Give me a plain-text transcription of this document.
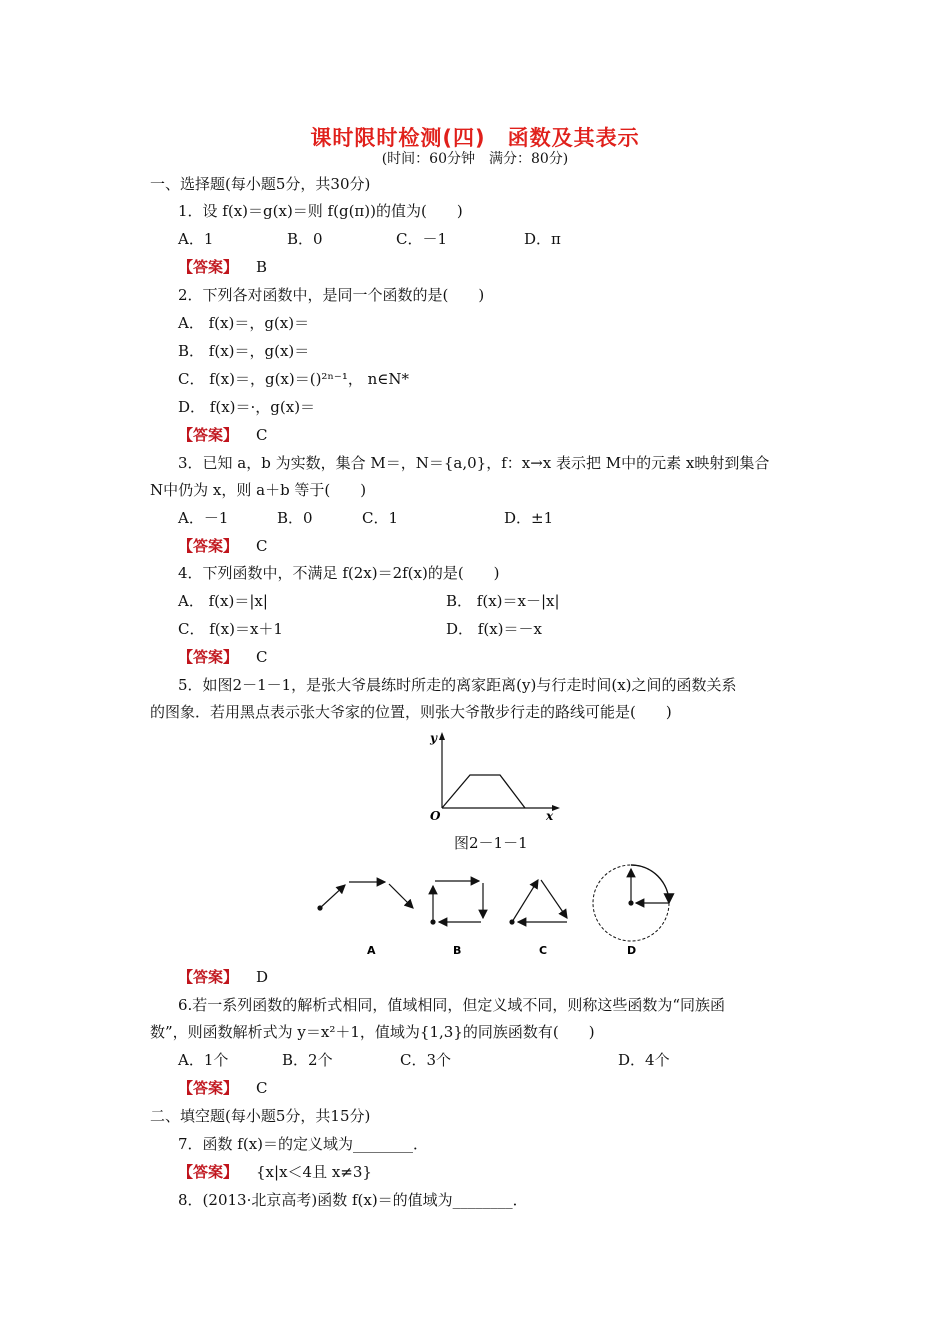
课时限时检测(四)　函数及其表示
(时间：60分钟　满分：80分)
一、选择题(每小题5分，共30分)
1．设 f(x)＝g(x)＝则 f(g(π))的值为(　　)
A．1	B．0	C．－1	D．π
【答案】 B
2．下列各对函数中，是同一个函数的是(　　)
A． f(x)＝，g(x)＝
B． f(x)＝，g(x)＝
C． f(x)＝，g(x)＝()²ⁿ⁻¹， n∈N*
D． f(x)＝·，g(x)＝
【答案】 C
3．已知 a，b 为实数，集合 M＝，N＝{a,0}，f：x→x 表示把 M中的元素 x映射到集合
N中仍为 x，则 a＋b 等于(　　)
A．－1	B．0	C．1	D．±1
【答案】 C
4．下列函数中，不满足 f(2x)＝2f(x)的是(　　)
A． f(x)＝|x|	B． f(x)＝x－|x|
C． f(x)＝x＋1	D． f(x)＝－x
【答案】 C
5．如图2－1－1，是张大爷晨练时所走的离家距离(y)与行走时间(x)之间的函数关系
的图象．若用黑点表示张大爷家的位置，则张大爷散步行走的路线可能是(　　)
y
x
O
图2－1－1
A	B	C	D
【答案】 D
6.若一系列函数的解析式相同，值域相同，但定义域不同，则称这些函数为“同族函
数”，则函数解析式为 y＝x²＋1，值域为{1,3}的同族函数有(　　)
A．1个	B．2个	C．3个	D．4个
【答案】 C
二、填空题(每小题5分，共15分)
7．函数 f(x)＝的定义域为________．
【答案】 {x|x＜4且 x≠3}
8．(2013·北京高考)函数 f(x)＝的值域为________．
